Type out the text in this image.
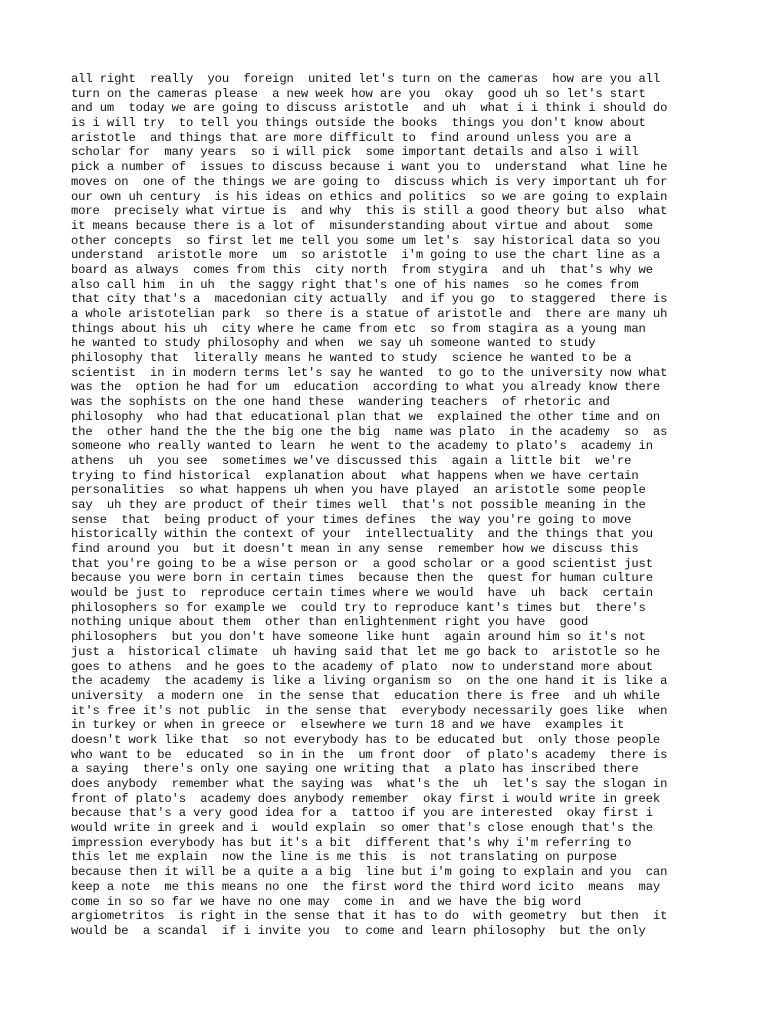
all right  really  you  foreign  united let's turn on the cameras  how are you all
turn on the cameras please  a new week how are you  okay  good uh so let's start
and um  today we are going to discuss aristotle  and uh  what i i think i should do
is i will try  to tell you things outside the books  things you don't know about
aristotle  and things that are more difficult to  find around unless you are a
scholar for  many years  so i will pick  some important details and also i will
pick a number of  issues to discuss because i want you to  understand  what line he
moves on  one of the things we are going to  discuss which is very important uh for
our own uh century  is his ideas on ethics and politics  so we are going to explain
more  precisely what virtue is  and why  this is still a good theory but also  what
it means because there is a lot of  misunderstanding about virtue and about  some
other concepts  so first let me tell you some um let's  say historical data so you
understand  aristotle more  um  so aristotle  i'm going to use the chart line as a
board as always  comes from this  city north  from stygira  and uh  that's why we
also call him  in uh  the saggy right that's one of his names  so he comes from
that city that's a  macedonian city actually  and if you go  to staggered  there is
a whole aristotelian park  so there is a statue of aristotle and  there are many uh
things about his uh  city where he came from etc  so from stagira as a young man
he wanted to study philosophy and when  we say uh someone wanted to study
philosophy that  literally means he wanted to study  science he wanted to be a
scientist  in in modern terms let's say he wanted  to go to the university now what
was the  option he had for um  education  according to what you already know there
was the sophists on the one hand these  wandering teachers  of rhetoric and
philosophy  who had that educational plan that we  explained the other time and on
the  other hand the the the big one the big  name was plato  in the academy  so  as
someone who really wanted to learn  he went to the academy to plato's  academy in
athens  uh  you see  sometimes we've discussed this  again a little bit  we're
trying to find historical  explanation about  what happens when we have certain
personalities  so what happens uh when you have played  an aristotle some people
say  uh they are product of their times well  that's not possible meaning in the
sense  that  being product of your times defines  the way you're going to move
historically within the context of your  intellectuality  and the things that you
find around you  but it doesn't mean in any sense  remember how we discuss this
that you're going to be a wise person or  a good scholar or a good scientist just
because you were born in certain times  because then the  quest for human culture
would be just to  reproduce certain times where we would  have  uh  back  certain
philosophers so for example we  could try to reproduce kant's times but  there's
nothing unique about them  other than enlightenment right you have  good
philosophers  but you don't have someone like hunt  again around him so it's not
just a  historical climate  uh having said that let me go back to  aristotle so he
goes to athens  and he goes to the academy of plato  now to understand more about
the academy  the academy is like a living organism so  on the one hand it is like a
university  a modern one  in the sense that  education there is free  and uh while
it's free it's not public  in the sense that  everybody necessarily goes like  when
in turkey or when in greece or  elsewhere we turn 18 and we have  examples it
doesn't work like that  so not everybody has to be educated but  only those people
who want to be  educated  so in in the  um front door  of plato's academy  there is
a saying  there's only one saying one writing that  a plato has inscribed there
does anybody  remember what the saying was  what's the  uh  let's say the slogan in
front of plato's  academy does anybody remember  okay first i would write in greek
because that's a very good idea for a  tattoo if you are interested  okay first i
would write in greek and i  would explain  so omer that's close enough that's the
impression everybody has but it's a bit  different that's why i'm referring to
this let me explain  now the line is me this  is  not translating on purpose
because then it will be a quite a a big  line but i'm going to explain and you  can
keep a note  me this means no one  the first word the third word icito  means  may
come in so so far we have no one may  come in  and we have the big word
argiometritos  is right in the sense that it has to do  with geometry  but then  it
would be  a scandal  if i invite you  to come and learn philosophy  but the only
